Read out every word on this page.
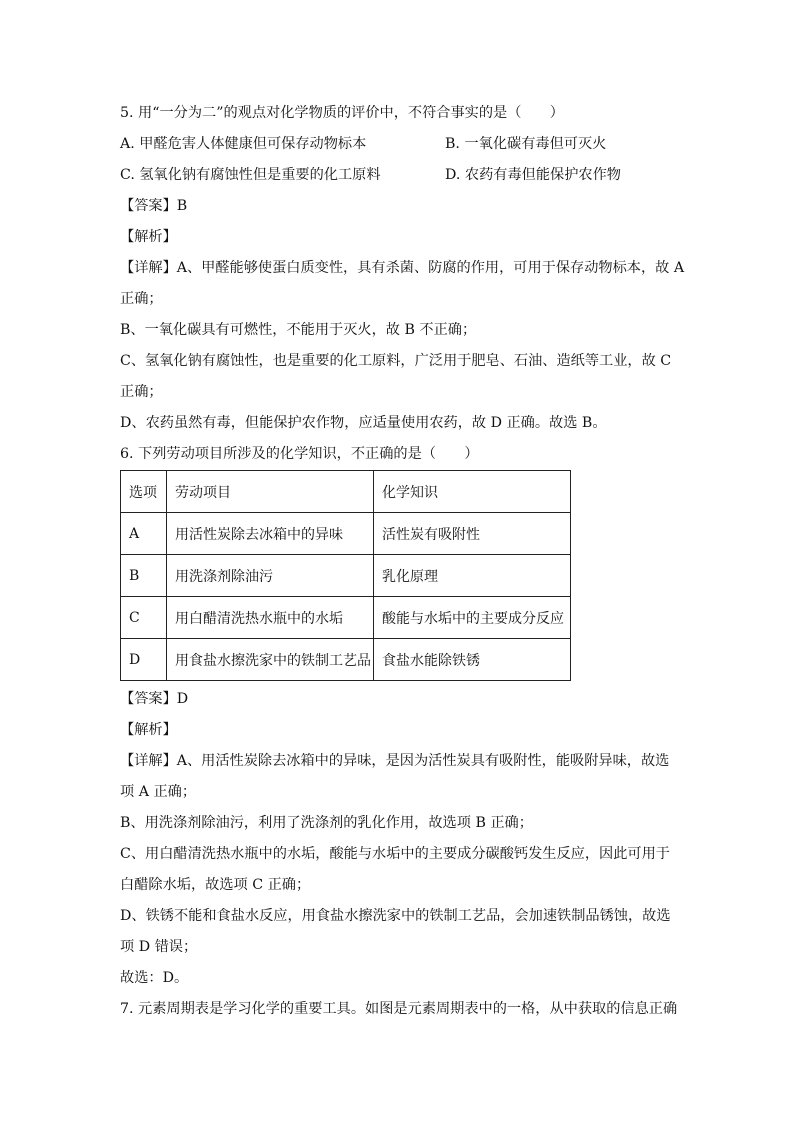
5. 用“一分为二”的观点对化学物质的评价中，不符合事实的是（　　）
A. 甲醛危害人体健康但可保存动物标本	B. 一氧化碳有毒但可灭火
C. 氢氧化钠有腐蚀性但是重要的化工原料	D. 农药有毒但能保护农作物
【答案】B
【解析】
【详解】A、甲醛能够使蛋白质变性，具有杀菌、防腐的作用，可用于保存动物标本，故 A
正确；
B、一氧化碳具有可燃性，不能用于灭火，故 B 不正确；
C、氢氧化钠有腐蚀性，也是重要的化工原料，广泛用于肥皂、石油、造纸等工业，故 C
正确；
D、农药虽然有毒，但能保护农作物，应适量使用农药，故 D 正确。故选 B。
6. 下列劳动项目所涉及的化学知识，不正确的是（　　）
选项	劳动项目	化学知识
A	用活性炭除去冰箱中的异味	活性炭有吸附性
B	用洗涤剂除油污	乳化原理
C	用白醋清洗热水瓶中的水垢	酸能与水垢中的主要成分反应
D	用食盐水擦洗家中的铁制工艺品	食盐水能除铁锈
【答案】D
【解析】
【详解】A、用活性炭除去冰箱中的异味，是因为活性炭具有吸附性，能吸附异味，故选
项 A 正确；
B、用洗涤剂除油污，利用了洗涤剂的乳化作用，故选项 B 正确；
C、用白醋清洗热水瓶中的水垢，酸能与水垢中的主要成分碳酸钙发生反应，因此可用于
白醋除水垢，故选项 C 正确；
D、铁锈不能和食盐水反应，用食盐水擦洗家中的铁制工艺品，会加速铁制品锈蚀，故选
项 D 错误；
故选：D。
7. 元素周期表是学习化学的重要工具。如图是元素周期表中的一格，从中获取的信息正确
